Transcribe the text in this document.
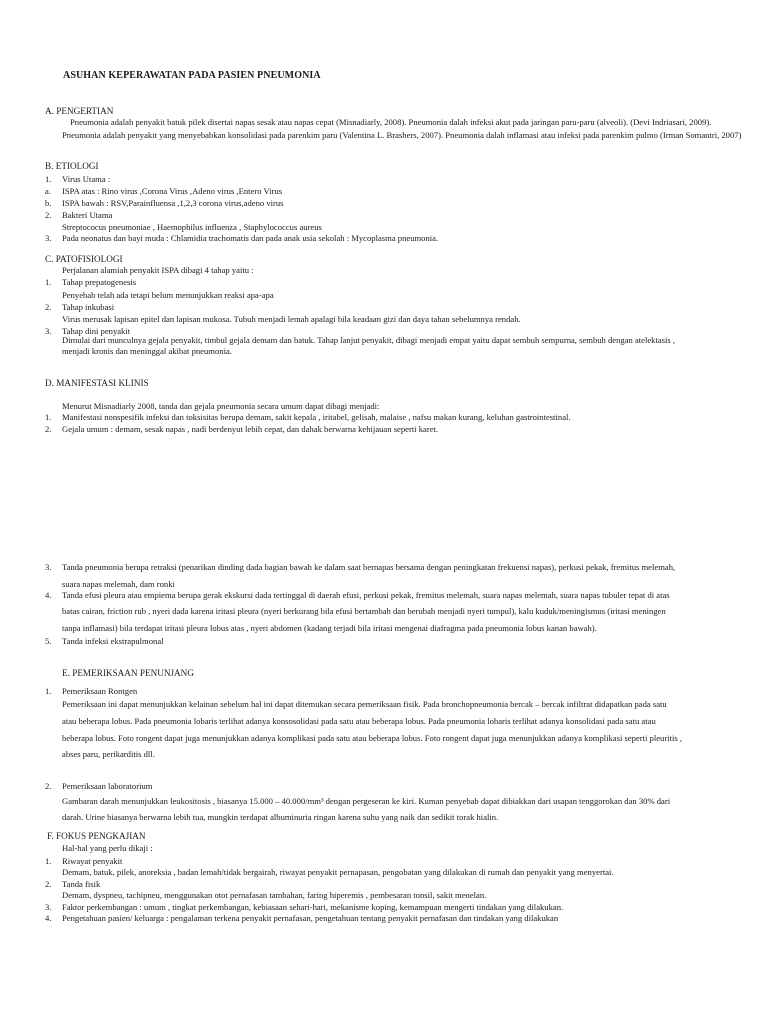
ASUHAN KEPERAWATAN PADA PASIEN PNEUMONIA
A. PENGERTIAN
Pneumonia adalah penyakit batuk pilek disertai napas sesak atau napas cepat (Misnadiarly, 2008). Pneumonia dalah infeksi akut pada jaringan paru-paru (alveoli). (Devi Indriasari, 2009). Pneumonia adalah penyakit yang menyebabkan konsolidasi pada parenkim paru (Valentina L. Brashers, 2007). Pneumonia dalah inflamasi atau infeksi pada parenkim pulmo (Irman Somantri, 2007)
B. ETIOLOGI
1. Virus Utama :
a. ISPA atas : Rino virus ,Corona Virus ,Adeno virus ,Entero Virus
b. ISPA bawah : RSV,Parainfluensa ,1,2,3 corona virus,adeno virus
2. Bakteri Utama
Streptococus pneumoniae , Haemophilus influenza , Staphylococcus aureus
3. Pada neonatus dan bayi muda : Chlamidia trachomatis dan pada anak usia sekolah : Mycoplasma pneumonia.
C. PATOFISIOLOGI
Perjalanan alamiah penyakit ISPA dibagi 4 tahap yaitu :
1. Tahap prepatogenesis
Penyebab telah ada tetapi belum menunjukkan reaksi apa-apa
2. Tahap inkubasi
Virus merusak lapisan epitel dan lapisan mukosa. Tubuh menjadi lemah apalagi bila keadaan gizi dan daya tahan sebelumnya rendah.
3. Tahap dini penyakit
Dimulai dari munculnya gejala penyakit, timbul gejala demam dan batuk. Tahap lanjut penyakit, dibagi menjadi empat yaitu dapat sembuh sempurna, sembuh dengan atelektasis ,
menjadi kronis dan meninggal akibat pneumonia.
D. MANIFESTASI KLINIS
Menurut Misnadiarly 2008, tanda dan gejala pneumonia secara umum dapat dibagi menjadi:
1. Manifestasi nonspesifik infeksi dan toksisitas berupa demam, sakit kepala , iritabel, gelisah, malaise , nafsu makan kurang, keluhan gastrointestinal.
2. Gejala umum : demam, sesak napas , nadi berdenyut lebih cepat, dan dahak berwarna kehijauan seperti karet.
3. Tanda pneumonia berupa retraksi (penarikan dinding dada bagian bawah ke dalam saat bernapas bersama dengan peningkatan frekuensi napas), perkusi pekak, fremitus melemah,
suara napas melemah, dam ronki
4. Tanda efusi pleura atau empiema berupa gerak ekskursi dada tertinggal di daerah efusi, perkusi pekak, fremitus melemah, suara napas melemah, suara napas tubuler tepat di atas
batas cairan, friction rub , nyeri dada karena iritasi pleura (nyeri berkurang bila efusi bertambah dan berubah menjadi nyeri tumpul), kalu kuduk/meningismus (iritasi meningen
tanpa inflamasi) bila terdapat iritasi pleura lobus atas , nyeri abdomen (kadang terjadi bila iritasi mengenai diafragma pada pneumonia lobus kanan bawah).
5. Tanda infeksi ekstrapulmonal
E. PEMERIKSAAN PENUNJANG
1. Pemeriksaan Rontgen
Pemeriksaan ini dapat menunjukkan kelainan sebelum hal ini dapat ditemukan secara pemeriksaan fisik. Pada bronchopneumonia bercak – bercak infiltrat didapatkan pada satu
atau beberapa lobus. Pada pneumonia lobaris terlihat adanya konsosolidasi pada satu atau beberapa lobus. Pada pneumonia lobaris terlihat adanya konsolidasi pada satu atau
beberapa lobus. Foto rongent dapat juga menunjukkan adanya komplikasi pada satu atau beberapa lobus. Foto rongent dapat juga menunjukkan adanya komplikasi seperti pleuritis ,
abses paru, perikarditis dll.
2. Pemeriksaan laboratorium
Gambaran darah menunjukkan leukositosis , biasanya 15.000 – 40.000/mm³ dengan pergeseran ke kiri. Kuman penyebab dapat dibiakkan dari usapan tenggorokan dan 30% dari
darah. Urine biasanya berwarna lebih tua, mungkin terdapat albuminuria ringan karena suhu yang naik dan sedikit torak hialin.
F. FOKUS PENGKAJIAN
Hal-hal yang perlu dikaji :
1. Riwayat penyakit
Demam, batuk, pilek, anoreksia , badan lemah/tidak bergairah, riwayat penyakit pernapasan, pengobatan yang dilakukan di rumah dan penyakit yang menyertai.
2. Tanda fisik
Demam, dyspneu, tachipneu, menggunakan otot pernafasan tambahan, faring hiperemis , pembesaran tonsil, sakit menelan.
3. Faktor perkembangan : umum , tingkat perkembangan, kebiasaan sehari-hari, mekanisme koping, kemampuan mengerti tindakan yang dilakukan.
4. Pengetahuan pasien/ keluarga : pengalaman terkena penyakit pernafasan, pengetahuan tentang penyakit pernafasan dan tindakan yang dilakukan
